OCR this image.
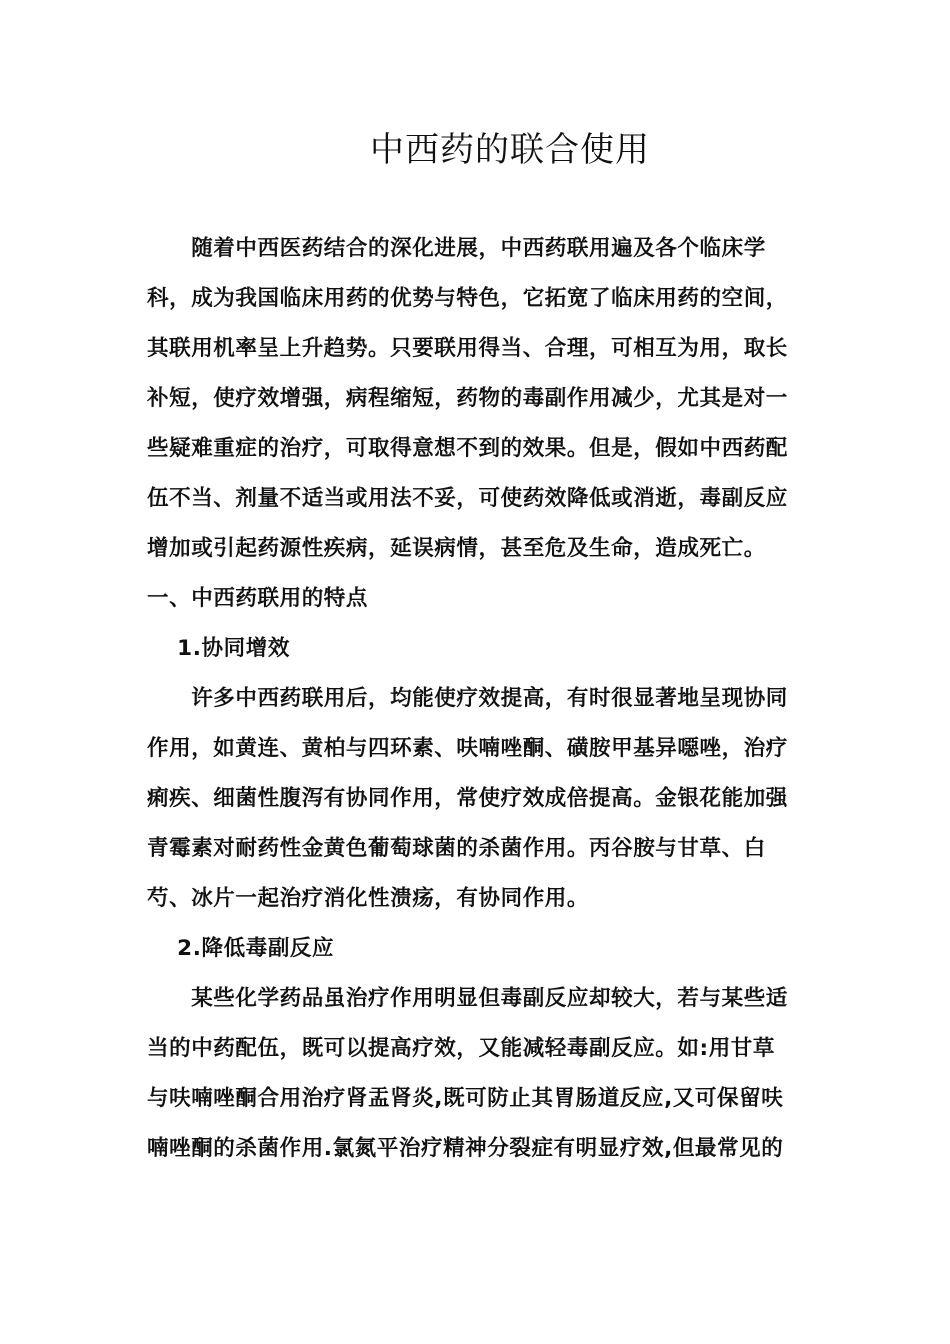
中西药的联合使用
　　随着中西医药结合的深化进展，中西药联用遍及各个临床学
科，成为我国临床用药的优势与特色，它拓宽了临床用药的空间，
其联用机率呈上升趋势。只要联用得当、合理，可相互为用，取长
补短，使疗效增强，病程缩短，药物的毒副作用减少，尤其是对一
些疑难重症的治疗，可取得意想不到的效果。但是，假如中西药配
伍不当、剂量不适当或用法不妥，可使药效降低或消逝，毒副反应
增加或引起药源性疾病，延误病情，甚至危及生命，造成死亡。
一、中西药联用的特点
　 1.协同增效
　　许多中西药联用后，均能使疗效提高，有时很显著地呈现协同
作用，如黄连、黄柏与四环素、呋喃唑酮、磺胺甲基异噁唑，治疗
痢疾、细菌性腹泻有协同作用，常使疗效成倍提高。金银花能加强
青霉素对耐药性金黄色葡萄球菌的杀菌作用。丙谷胺与甘草、白
芍、冰片一起治疗消化性溃疡，有协同作用。
　 2.降低毒副反应
　　某些化学药品虽治疗作用明显但毒副反应却较大，若与某些适
当的中药配伍，既可以提高疗效，又能减轻毒副反应。如:用甘草
与呋喃唑酮合用治疗肾盂肾炎,既可防止其胃肠道反应,又可保留呋
喃唑酮的杀菌作用.氯氮平治疗精神分裂症有明显疗效,但最常见的
